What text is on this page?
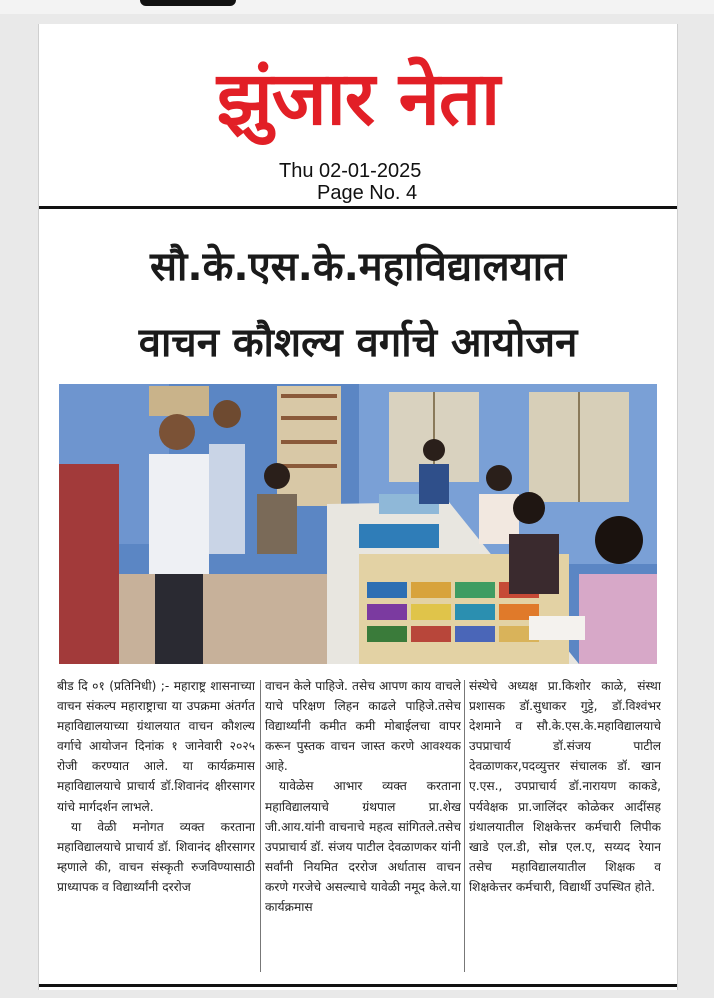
झुंजार नेता
Thu 02-01-2025
Page No. 4
सौ.के.एस.के.महाविद्यालयात
वाचन कौशल्य वर्गाचे आयोजन

बीड दि ०१ (प्रतिनिधी) ;- महाराष्ट्र शासनाच्या वाचन संकल्प महाराष्ट्राचा या उपक्रमा अंतर्गत महाविद्यालयाच्या ग्रंथालयात वाचन कौशल्य वर्गाचे आयोजन दिनांक १ जानेवारी २०२५ रोजी करण्यात आले. या कार्यक्रमास महाविद्यालयाचे प्राचार्य डॉ.शिवानंद क्षीरसागर यांचे मार्गदर्शन लाभले.

या वेळी मनोगत व्यक्त करताना महाविद्यालयाचे प्राचार्य डॉ. शिवानंद क्षीरसागर म्हणाले की, वाचन संस्कृती रुजविण्यासाठी प्राध्यापक व विद्यार्थ्यांनी दररोज

वाचन केले पाहिजे. तसेच आपण काय वाचले याचे परिक्षण लिहन काढले पाहिजे.तसेच विद्यार्थ्यांनी कमीत कमी मोबाईलचा वापर करून पुस्तक वाचन जास्त करणे आवश्यक आहे.

यावेळेस आभार व्यक्त करताना महाविद्यालयाचे ग्रंथपाल प्रा.शेख जी.आय.यांनी वाचनाचे महत्व सांगितले.तसेच उपप्राचार्य डॉ. संजय पाटील देवळाणकर यांनी सर्वांनी नियमित दररोज अर्धातास वाचन करणे गरजेचे असल्याचे यावेळी नमूद केले.या कार्यक्रमास

संस्थेचे अध्यक्ष प्रा.किशोर काळे, संस्था प्रशासक डॉ.सुधाकर गुट्टे, डॉ.विश्वंभर देशमाने व सौ.के.एस.के.महाविद्यालयाचे उपप्राचार्य डॉ.संजय पाटील देवळाणकर,पदव्युत्तर संचालक डॉ. खान ए.एस., उपप्राचार्य डॉ.नारायण काकडे, पर्यवेक्षक प्रा.जालिंदर कोळेकर आदींसह ग्रंथालयातील शिक्षकेत्तर कर्मचारी लिपीक खाडे एल.डी, सोन्न एल.ए, सय्यद रेयान तसेच महाविद्यालयातील शिक्षक व शिक्षकेत्तर कर्मचारी, विद्यार्थी उपस्थित होते.
